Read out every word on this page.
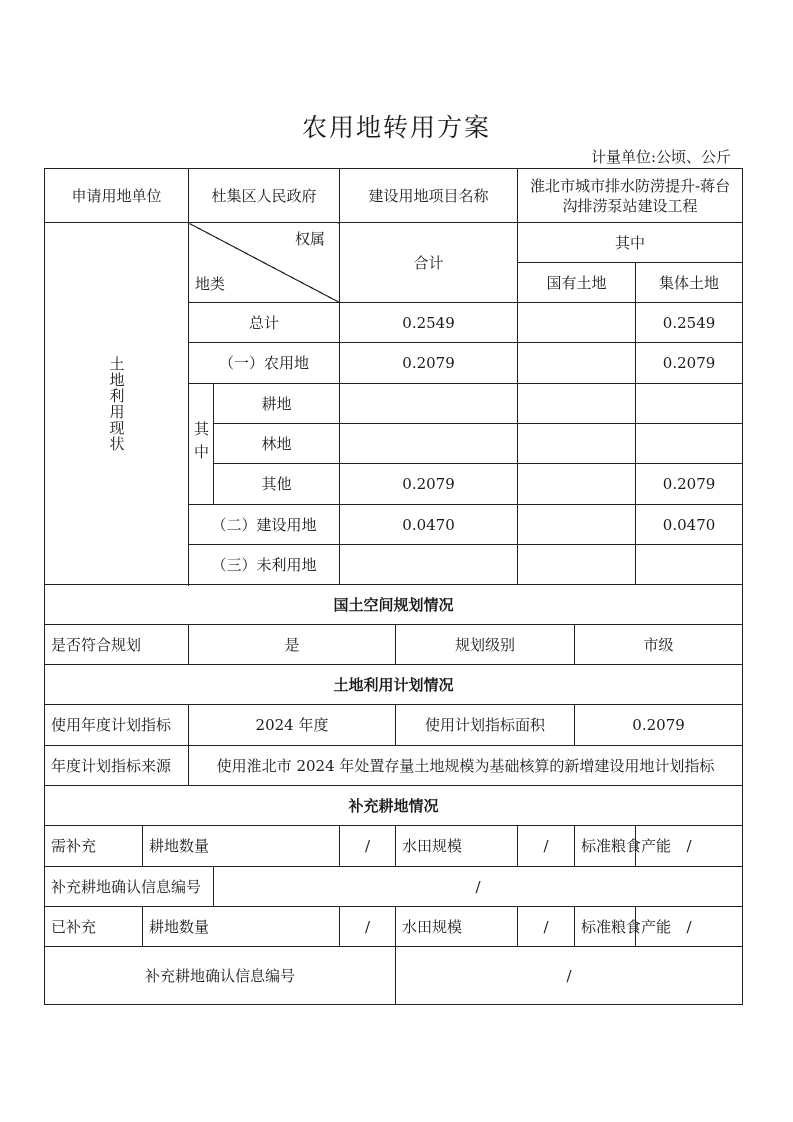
农用地转用方案
计量单位:公顷、公斤
申请用地单位		杜集区人民政府		建设用地项目名称		淮北市城市排水防涝提升-蒋台沟排涝泵站建设工程		

土地利用现状		权属
地类		合计		其中		
						国有土地		集体土地
		总计		0.2549				0.2549
		（一）农用地		0.2079				0.2079

		其中	耕地					
			林地					
			其他	0.2079				0.2079
		（二）建设用地		0.0470				0.0470
		（三）未利用地						

国土空间规划情况								
是否符合规划		是			规划级别		市级	
土地利用计划情况								
使用年度计划指标		2024 年度			使用计划指标面积		0.2079	
年度计划指标来源		使用淮北市 2024 年处置存量土地规模为基础核算的新增建设用地计划指标						
补充耕地情况								
需补充	耕地数量			/	水田规模	/	标准粮食产能	/
补充耕地确认信息编号			/					
已补充	耕地数量			/	水田规模	/	标准粮食产能	/
补充耕地确认信息编号					/			
